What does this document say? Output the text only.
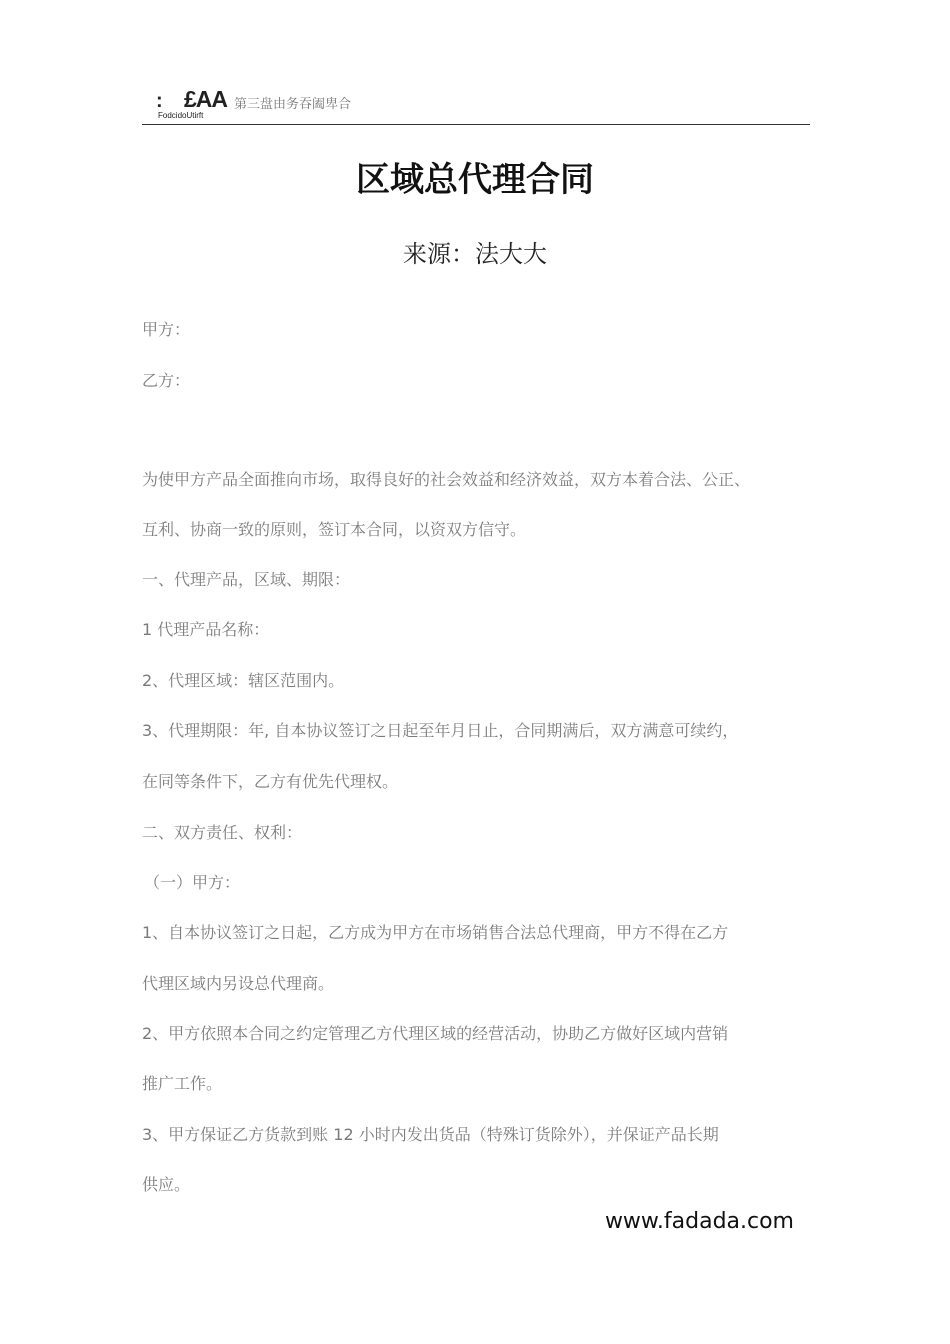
: £AA 第三盘由务吞阖卑合
FodcidoUtirft
区域总代理合同

来源：法大大

甲方：

乙方：

为使甲方产品全面推向市场，取得良好的社会效益和经济效益，双方本着合法、公正、

互利、协商一致的原则，签订本合同，以资双方信守。

一、代理产品，区域、期限：

1 代理产品名称：

2、代理区域：辖区范围内。

3、代理期限：年, 自本协议签订之日起至年月日止，合同期满后，双方满意可续约，

在同等条件下，乙方有优先代理权。

二、双方责任、权利：

（一）甲方：

1、自本协议签订之日起，乙方成为甲方在市场销售合法总代理商，甲方不得在乙方

代理区域内另设总代理商。

2、甲方依照本合同之约定管理乙方代理区域的经营活动，协助乙方做好区域内营销

推广工作。

3、甲方保证乙方货款到账 12 小时内发出货品（特殊订货除外），并保证产品长期

供应。

www.fadada.com
